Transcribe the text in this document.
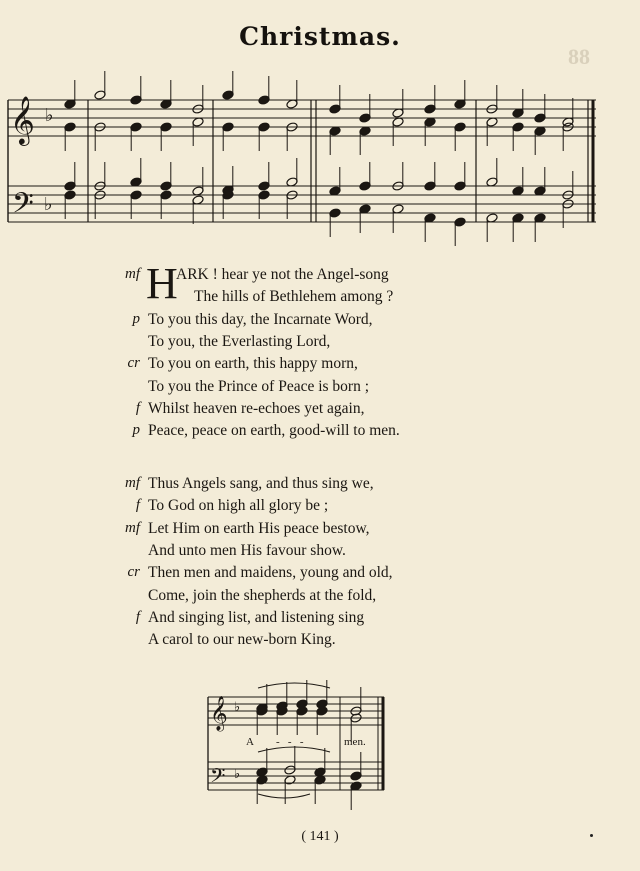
88
Christmas.
𝄞 ♭
𝄢 ♭
𝄞 ♭
𝄢 ♭
A -   -   -	men.
H
mf ARK ! hear ye not the Angel-song
The hills of Bethlehem among ?
p To you this day, the Incarnate Word,
To you, the Everlasting Lord,
cr To you on earth, this happy morn,
To you the Prince of Peace is born ;
f Whilst heaven re-echoes yet again,
p Peace, peace on earth, good-will to men.
mf Thus Angels sang, and thus sing we,
f To God on high all glory be ;
mf Let Him on earth His peace bestow,
And unto men His favour show.
cr Then men and maidens, young and old,
Come, join the shepherds at the fold,
f And singing list, and listening sing
A carol to our new-born King.
( 141 )
